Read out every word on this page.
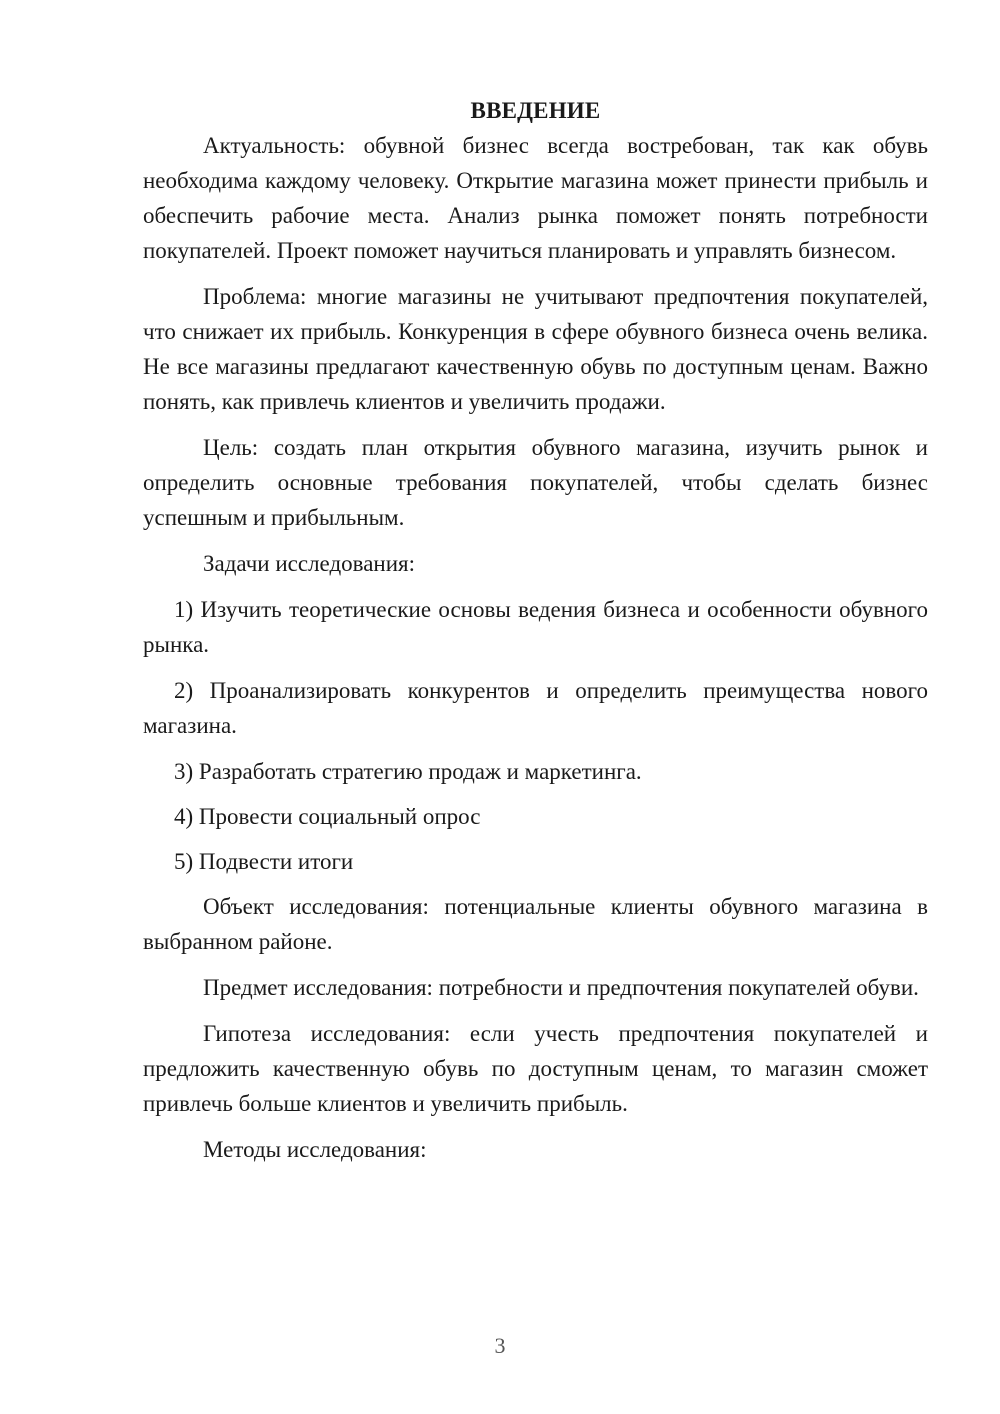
ВВЕДЕНИЕ

Актуальность: обувной бизнес всегда востребован, так как обувь необходима каждому человеку. Открытие магазина может принести прибыль и обеспечить рабочие места. Анализ рынка поможет понять потребности покупателей. Проект поможет научиться планировать и управлять бизнесом.

Проблема: многие магазины не учитывают предпочтения покупателей, что снижает их прибыль. Конкуренция в сфере обувного бизнеса очень велика. Не все магазины предлагают качественную обувь по доступным ценам. Важно понять, как привлечь клиентов и увеличить продажи.

Цель: создать план открытия обувного магазина, изучить рынок и определить основные требования покупателей, чтобы сделать бизнес успешным и прибыльным.

Задачи исследования:

1) Изучить теоретические основы ведения бизнеса и особенности обувного рынка.

2) Проанализировать конкурентов и определить преимущества нового магазина.

3) Разработать стратегию продаж и маркетинга.

4) Провести социальный опрос

5) Подвести итоги

Объект исследования: потенциальные клиенты обувного магазина в выбранном районе.

Предмет исследования: потребности и предпочтения покупателей обуви.

Гипотеза исследования: если учесть предпочтения покупателей и предложить качественную обувь по доступным ценам, то магазин сможет привлечь больше клиентов и увеличить прибыль.

Методы исследования:

3
